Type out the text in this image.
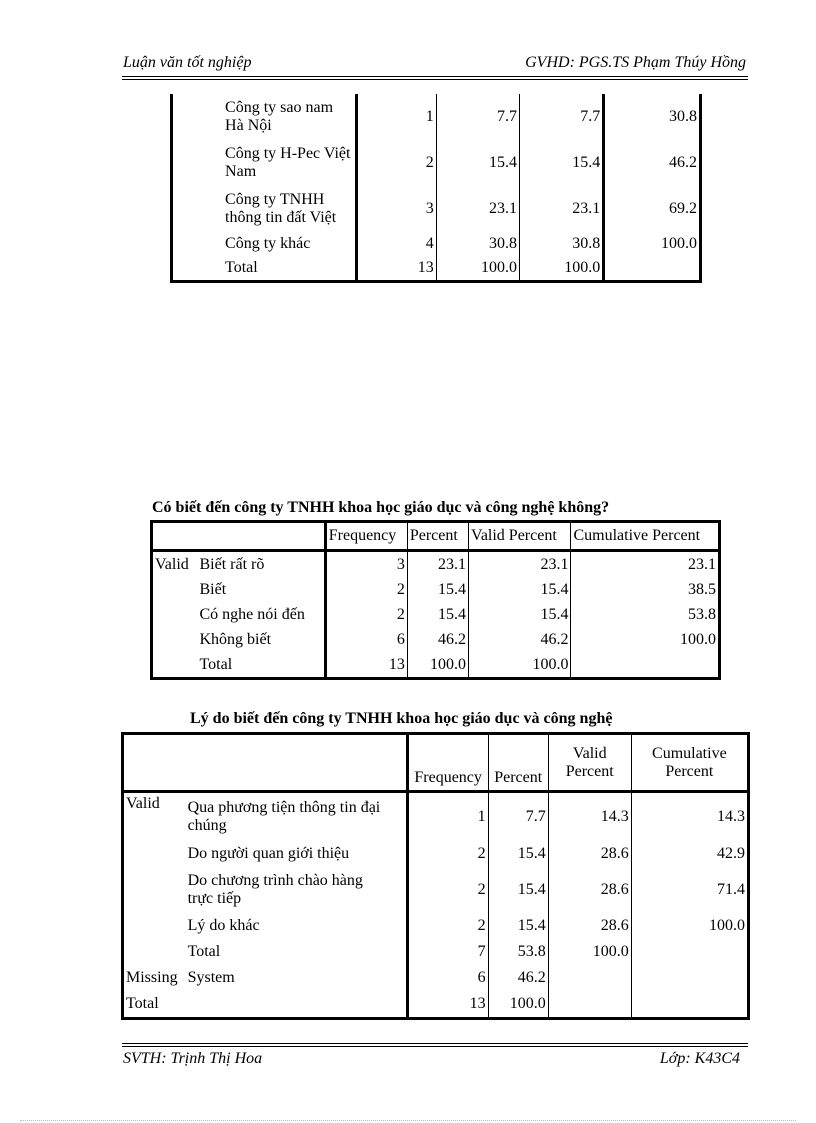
Luận văn tốt nghiệp	GVHD: PGS.TS Phạm Thúy Hồng
	Công ty sao nam Hà Nội	1	7.7	7.7	30.8
	Công ty H-Pec Việt Nam	2	15.4	15.4	46.2
	Công ty TNHH thông tin đất Việt	3	23.1	23.1	69.2
	Công ty khác	4	30.8	30.8	100.0
	Total	13	100.0	100.0	
Có biết đến công ty TNHH khoa học giáo dục và công nghệ không?
		Frequency	Percent	Valid Percent	Cumulative Percent
Valid	Biết rất rõ	3	23.1	23.1	23.1
	Biết	2	15.4	15.4	38.5
	Có nghe nói đến	2	15.4	15.4	53.8
	Không biết	6	46.2	46.2	100.0
	Total	13	100.0	100.0	
Lý do biết đến công ty TNHH khoa học giáo dục và công nghệ
		Frequency	Percent	Valid Percent	Cumulative Percent
Valid	Qua phương tiện thông tin đại chúng	1	7.7	14.3	14.3
	Do người quan giới thiệu	2	15.4	28.6	42.9
	Do chương trình chào hàng trực tiếp	2	15.4	28.6	71.4
	Lý do khác	2	15.4	28.6	100.0
	Total	7	53.8	100.0	
Missing	System	6	46.2		
Total		13	100.0		
SVTH: Trịnh Thị Hoa	Lớp: K43C4
